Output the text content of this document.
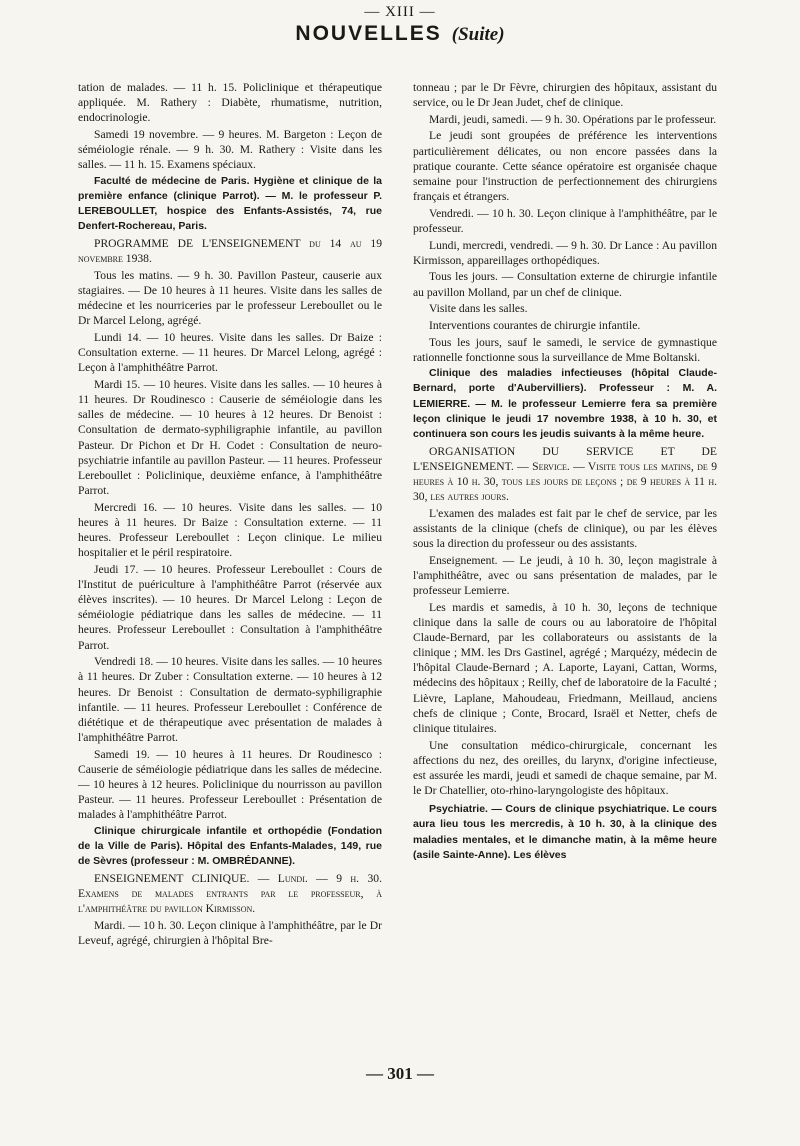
— XIII —
NOUVELLES (Suite)

tation de malades. — 11 h. 15. Policlinique et thérapeutique appliquée. M. Rathery : Diabète, rhumatisme, nutrition, endocrinologie.

Samedi 19 novembre. — 9 heures. M. Bargeton : Leçon de séméiologie rénale. — 9 h. 30. M. Rathery : Visite dans les salles. — 11 h. 15. Examens spéciaux.

Faculté de médecine de Paris. Hygiène et clinique de la première enfance (clinique Parrot). — M. le professeur P. LEREBOULLET, hospice des Enfants-Assistés, 74, rue Denfert-Rochereau, Paris.

PROGRAMME DE L'ENSEIGNEMENT du 14 au 19 novembre 1938.

Tous les matins. — 9 h. 30. Pavillon Pasteur, causerie aux stagiaires. — De 10 heures à 11 heures. Visite dans les salles de médecine et les nourriceries par le professeur Lereboullet ou le Dr Marcel Lelong, agrégé.

Lundi 14. — 10 heures. Visite dans les salles. Dr Baize : Consultation externe. — 11 heures. Dr Marcel Lelong, agrégé : Leçon à l'amphithéâtre Parrot.

Mardi 15. — 10 heures. Visite dans les salles. — 10 heures à 11 heures. Dr Roudinesco : Causerie de séméiologie dans les salles de médecine. — 10 heures à 12 heures. Dr Benoist : Consultation de dermato-syphiligraphie infantile, au pavillon Pasteur. Dr Pichon et Dr H. Codet : Consultation de neuro-psychiatrie infantile au pavillon Pasteur. — 11 heures. Professeur Lereboullet : Policlinique, deuxième enfance, à l'amphithéâtre Parrot.

Mercredi 16. — 10 heures. Visite dans les salles. — 10 heures à 11 heures. Dr Baize : Consultation externe. — 11 heures. Professeur Lereboullet : Leçon clinique. Le milieu hospitalier et le péril respiratoire.

Jeudi 17. — 10 heures. Professeur Lereboullet : Cours de l'Institut de puériculture à l'amphithéâtre Parrot (réservée aux élèves inscrites). — 10 heures. Dr Marcel Lelong : Leçon de séméiologie pédiatrique dans les salles de médecine. — 11 heures. Professeur Lereboullet : Consultation à l'amphithéâtre Parrot.

Vendredi 18. — 10 heures. Visite dans les salles. — 10 heures à 11 heures. Dr Zuber : Consultation externe. — 10 heures à 12 heures. Dr Benoist : Consultation de dermato-syphiligraphie infantile. — 11 heures. Professeur Lereboullet : Conférence de diététique et de thérapeutique avec présentation de malades à l'amphithéâtre Parrot.

Samedi 19. — 10 heures à 11 heures. Dr Roudinesco : Causerie de séméiologie pédiatrique dans les salles de médecine. — 10 heures à 12 heures. Policlinique du nourrisson au pavillon Pasteur. — 11 heures. Professeur Lereboullet : Présentation de malades à l'amphithéâtre Parrot.

Clinique chirurgicale infantile et orthopédie (Fondation de la Ville de Paris). Hôpital des Enfants-Malades, 149, rue de Sèvres (professeur : M. OMBRÉDANNE).

ENSEIGNEMENT CLINIQUE. — Lundi. — 9 h. 30. Examens de malades entrants par le professeur, à l'amphithéâtre du pavillon Kirmisson.

Mardi. — 10 h. 30. Leçon clinique à l'amphithéâtre, par le Dr Leveuf, agrégé, chirurgien à l'hôpital Bre-

tonneau ; par le Dr Fèvre, chirurgien des hôpitaux, assistant du service, ou le Dr Jean Judet, chef de clinique.

Mardi, jeudi, samedi. — 9 h. 30. Opérations par le professeur.

Le jeudi sont groupées de préférence les interventions particulièrement délicates, ou non encore passées dans la pratique courante. Cette séance opératoire est organisée chaque semaine pour l'instruction de perfectionnement des chirurgiens français et étrangers.

Vendredi. — 10 h. 30. Leçon clinique à l'amphithéâtre, par le professeur.

Lundi, mercredi, vendredi. — 9 h. 30. Dr Lance : Au pavillon Kirmisson, appareillages orthopédiques.

Tous les jours. — Consultation externe de chirurgie infantile au pavillon Molland, par un chef de clinique.

Visite dans les salles.

Interventions courantes de chirurgie infantile.

Tous les jours, sauf le samedi, le service de gymnastique rationnelle fonctionne sous la surveillance de Mme Boltanski.

Clinique des maladies infectieuses (hôpital Claude-Bernard, porte d'Aubervilliers). Professeur : M. A. LEMIERRE. — M. le professeur Lemierre fera sa première leçon clinique le jeudi 17 novembre 1938, à 10 h. 30, et continuera son cours les jeudis suivants à la même heure.

ORGANISATION DU SERVICE ET DE L'ENSEIGNEMENT. — Service. — Visite tous les matins, de 9 heures à 10 h. 30, tous les jours de leçons ; de 9 heures à 11 h. 30, les autres jours.

L'examen des malades est fait par le chef de service, par les assistants de la clinique (chefs de clinique), ou par les élèves sous la direction du professeur ou des assistants.

Enseignement. — Le jeudi, à 10 h. 30, leçon magistrale à l'amphithéâtre, avec ou sans présentation de malades, par le professeur Lemierre.

Les mardis et samedis, à 10 h. 30, leçons de technique clinique dans la salle de cours ou au laboratoire de l'hôpital Claude-Bernard, par les collaborateurs ou assistants de la clinique ; MM. les Drs Gastinel, agrégé ; Marquézy, médecin de l'hôpital Claude-Bernard ; A. Laporte, Layani, Cattan, Worms, médecins des hôpitaux ; Reilly, chef de laboratoire de la Faculté ; Lièvre, Laplane, Mahoudeau, Friedmann, Meillaud, anciens chefs de clinique ; Conte, Brocard, Israël et Netter, chefs de clinique titulaires.

Une consultation médico-chirurgicale, concernant les affections du nez, des oreilles, du larynx, d'origine infectieuse, est assurée les mardi, jeudi et samedi de chaque semaine, par M. le Dr Chatellier, oto-rhino-laryngologiste des hôpitaux.

Psychiatrie. — Cours de clinique psychiatrique. Le cours aura lieu tous les mercredis, à 10 h. 30, à la clinique des maladies mentales, et le dimanche matin, à la même heure (asile Sainte-Anne). Les élèves

— 301 —
